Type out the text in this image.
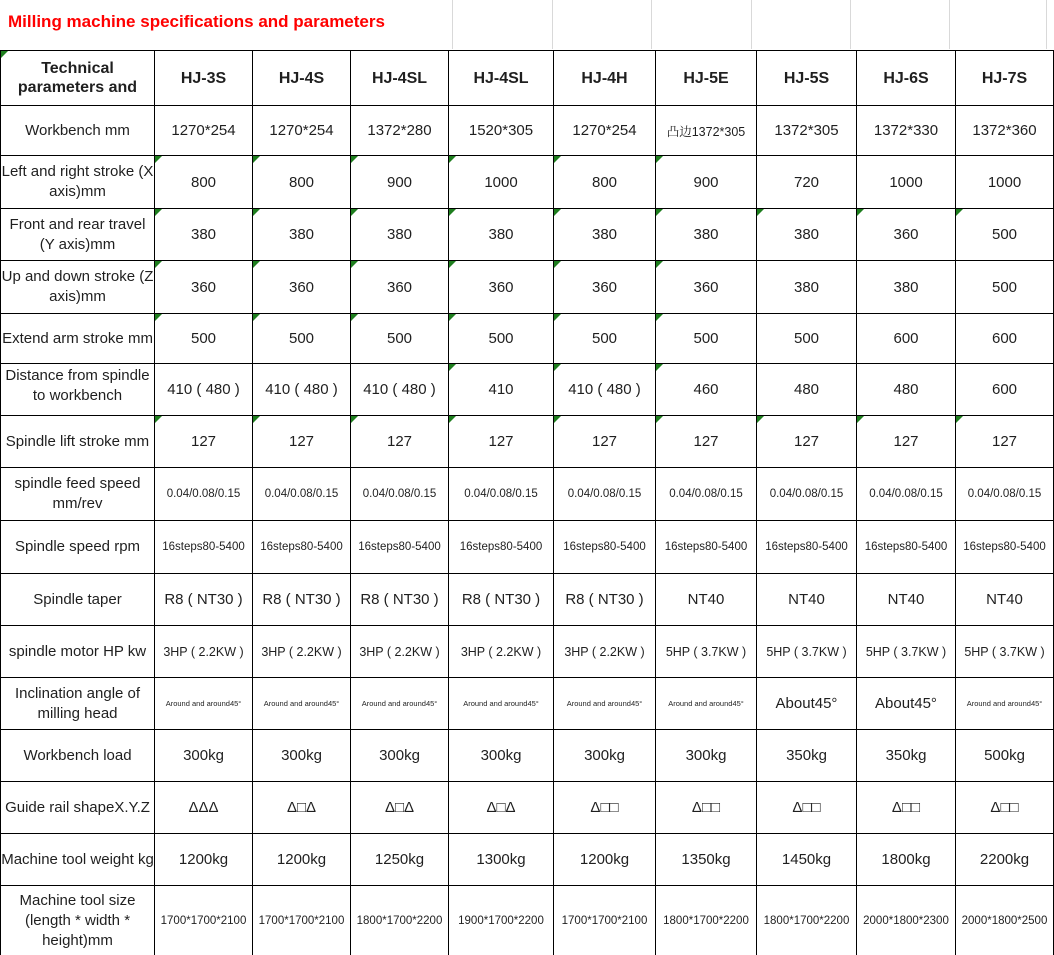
Milling machine specifications and parameters
Technical parameters and	HJ-3S	HJ-4S	HJ-4SL	HJ-4SL	HJ-4H	HJ-5E	HJ-5S	HJ-6S	HJ-7S
Workbench mm	1270*254	1270*254	1372*280	1520*305	1270*254	凸边1372*305	1372*305	1372*330	1372*360
Left and right stroke (X axis)mm	800	800	900	1000	800	900	720	1000	1000
Front and rear travel (Y axis)mm	380	380	380	380	380	380	380	360	500
Up and down stroke (Z axis)mm	360	360	360	360	360	360	380	380	500
Extend arm stroke mm	500	500	500	500	500	500	500	600	600
Distance from spindle to workbench	410 ( 480 )	410 ( 480 )	410 ( 480 )	410	410 ( 480 )	460	480	480	600
Spindle lift stroke mm	127	127	127	127	127	127	127	127	127
spindle feed speed mm/rev	0.04/0.08/0.15	0.04/0.08/0.15	0.04/0.08/0.15	0.04/0.08/0.15	0.04/0.08/0.15	0.04/0.08/0.15	0.04/0.08/0.15	0.04/0.08/0.15	0.04/0.08/0.15
Spindle speed rpm	16steps80-5400	16steps80-5400	16steps80-5400	16steps80-5400	16steps80-5400	16steps80-5400	16steps80-5400	16steps80-5400	16steps80-5400
Spindle taper	R8 ( NT30 )	R8 ( NT30 )	R8 ( NT30 )	R8 ( NT30 )	R8 ( NT30 )	NT40	NT40	NT40	NT40
spindle motor HP kw	3HP ( 2.2KW )	3HP ( 2.2KW )	3HP ( 2.2KW )	3HP ( 2.2KW )	3HP ( 2.2KW )	5HP ( 3.7KW )	5HP ( 3.7KW )	5HP ( 3.7KW )	5HP ( 3.7KW )
Inclination angle of milling head	Around and around45°	Around and around45°	Around and around45°	Around and around45°	Around and around45°	Around and around45°	About45°	About45°	Around and around45°
Workbench load	300kg	300kg	300kg	300kg	300kg	300kg	350kg	350kg	500kg
Guide rail shapeX.Y.Z	ΔΔΔ	Δ□Δ	Δ□Δ	Δ□Δ	Δ□□	Δ□□	Δ□□	Δ□□	Δ□□
Machine tool weight kg	1200kg	1200kg	1250kg	1300kg	1200kg	1350kg	1450kg	1800kg	2200kg
Machine tool size (length * width * height)mm	1700*1700*2100	1700*1700*2100	1800*1700*2200	1900*1700*2200	1700*1700*2100	1800*1700*2200	1800*1700*2200	2000*1800*2300	2000*1800*2500
